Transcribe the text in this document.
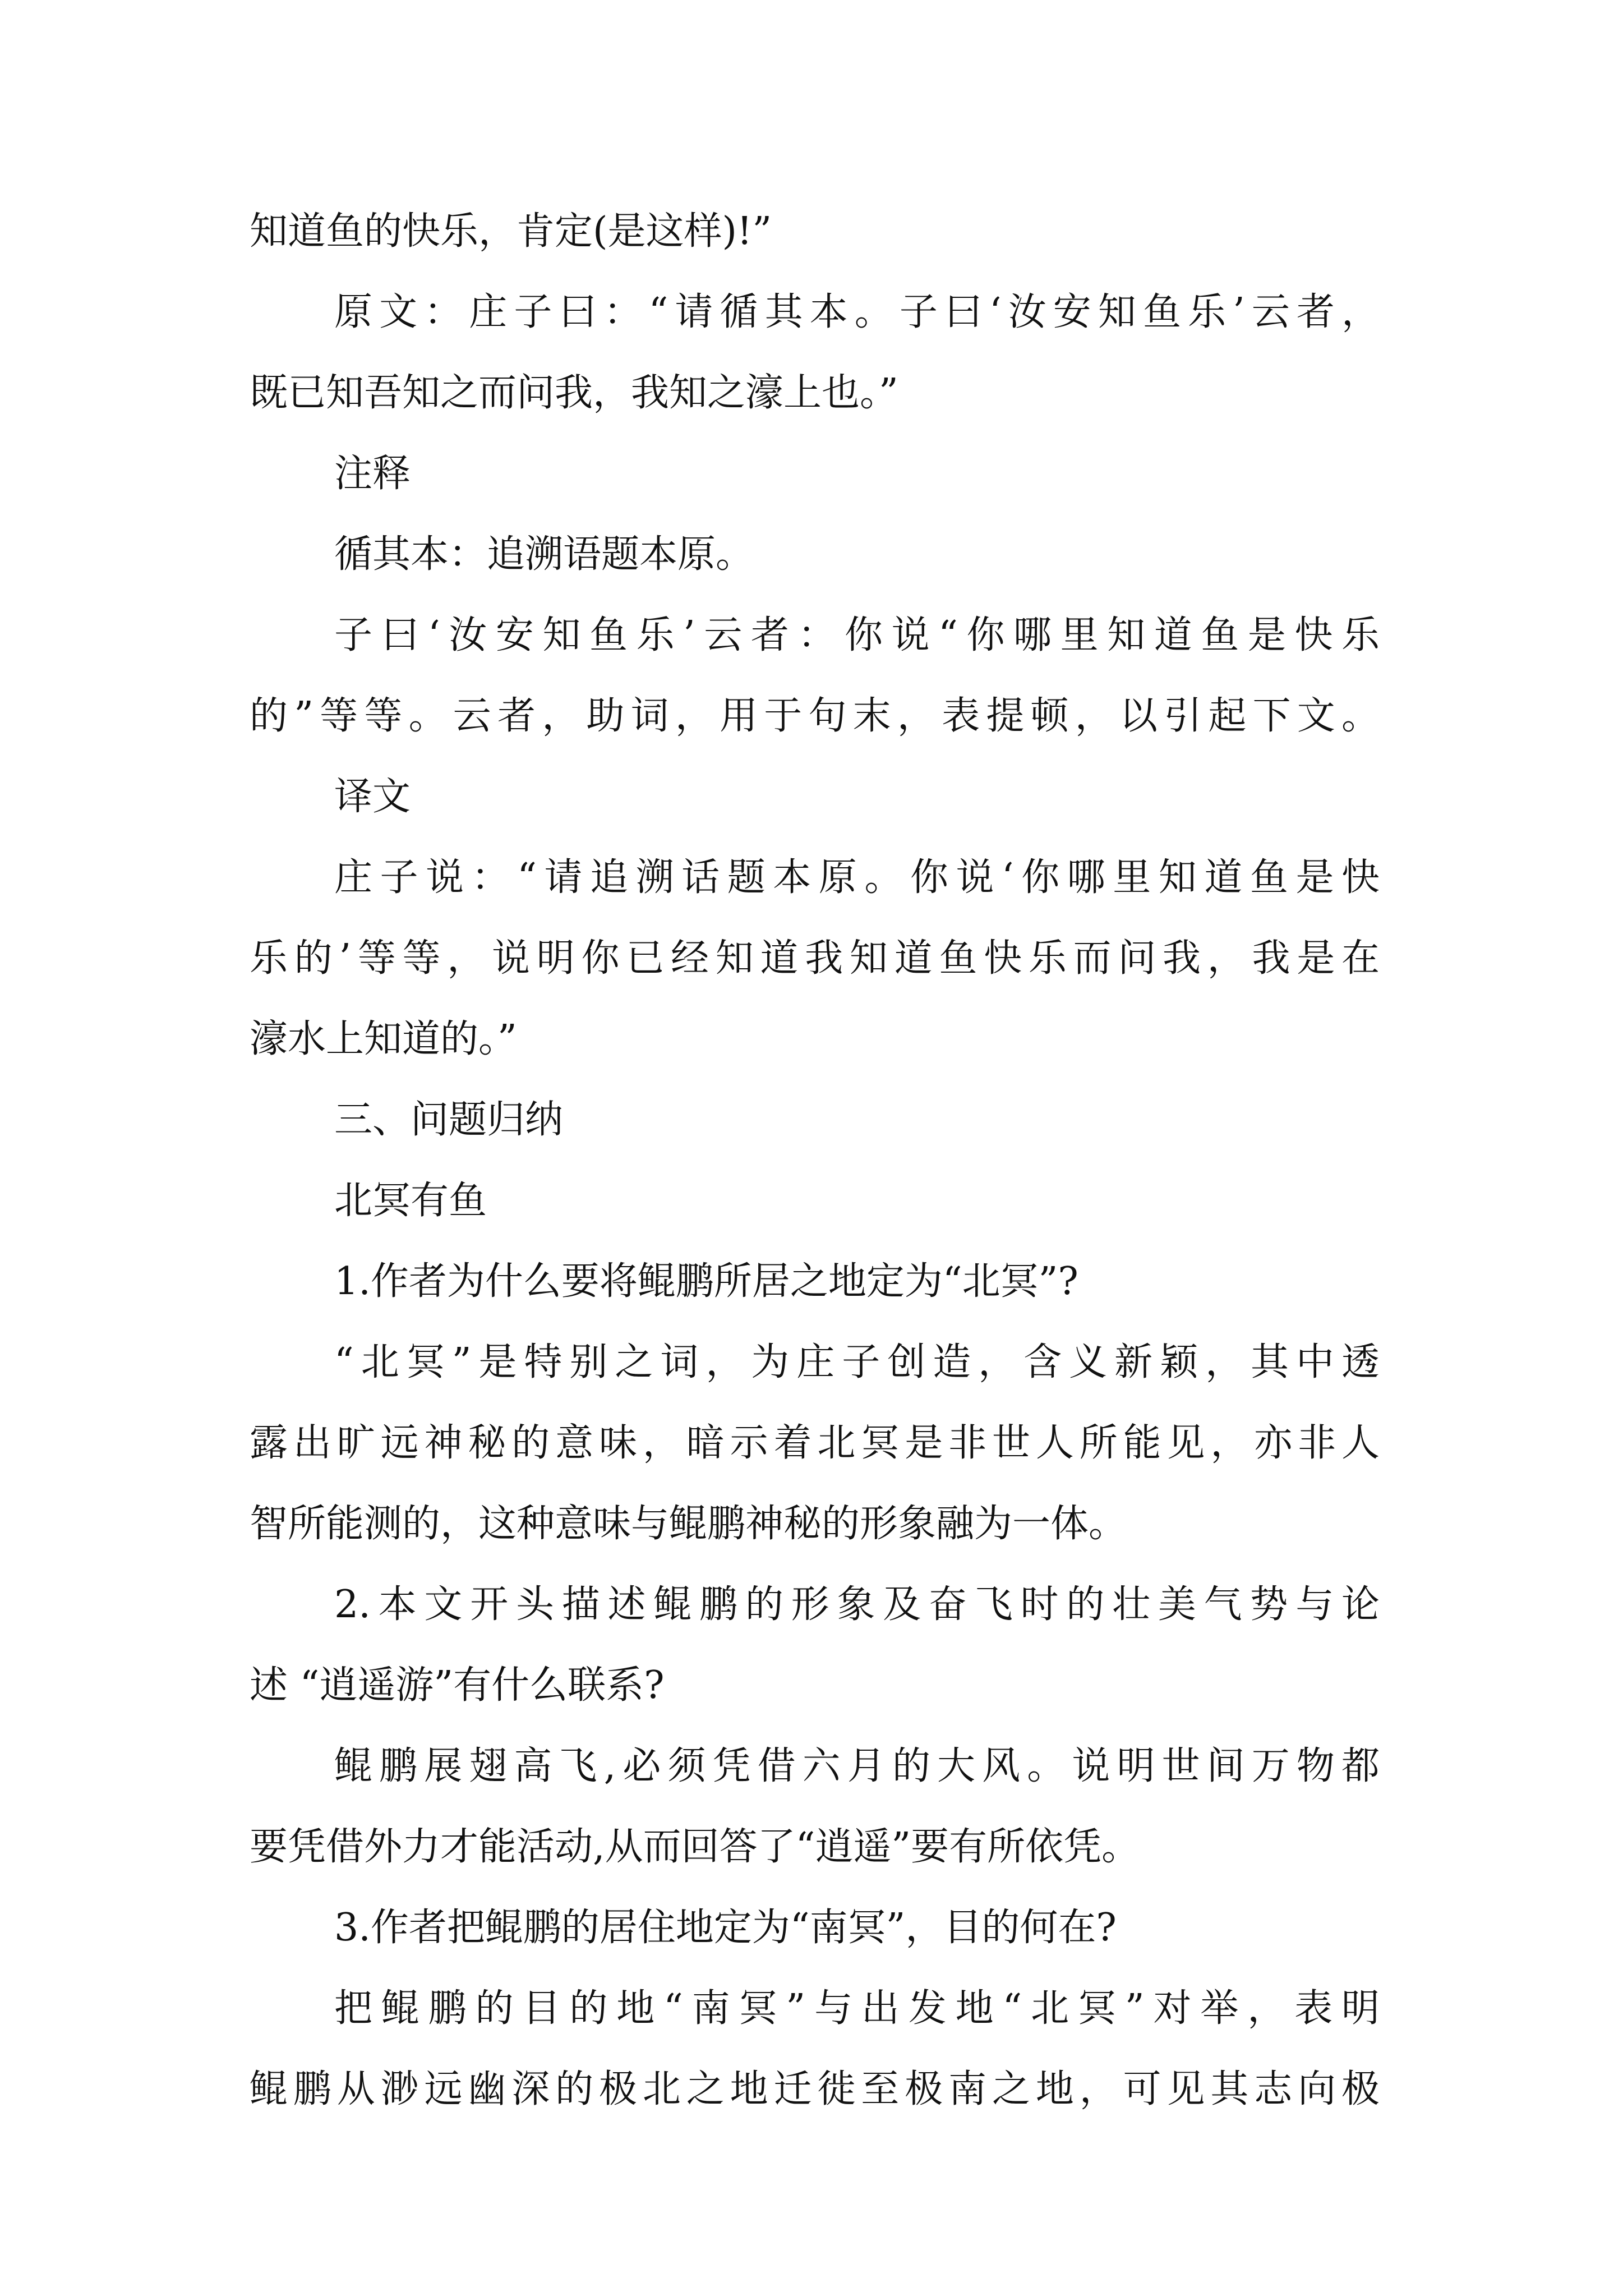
知道鱼的快乐，肯定(是这样)!”
原文：庄子曰：“请循其本。子曰‘汝安知鱼乐’云者，
既已知吾知之而问我，我知之濠上也。”
注释
循其本：追溯语题本原。
子曰‘汝安知鱼乐’云者：你说“你哪里知道鱼是快乐
的”等等。云者，助词，用于句末，表提顿，以引起下文。
译文
庄子说：“请追溯话题本原。你说‘你哪里知道鱼是快
乐的’等等，说明你已经知道我知道鱼快乐而问我，我是在
濠水上知道的。”
三、问题归纳
北冥有鱼
1.作者为什么要将鲲鹏所居之地定为“北冥”?
“北冥”是特别之词，为庄子创造，含义新颖，其中透
露出旷远神秘的意味，暗示着北冥是非世人所能见，亦非人
智所能测的，这种意味与鲲鹏神秘的形象融为一体。
2.本文开头描述鲲鹏的形象及奋飞时的壮美气势与论
述 “逍遥游”有什么联系?
鲲鹏展翅高飞,必须凭借六月的大风。说明世间万物都
要凭借外力才能活动,从而回答了“逍遥”要有所依凭。
3.作者把鲲鹏的居住地定为“南冥”，目的何在?
把鲲鹏的目的地“南冥”与出发地“北冥”对举，表明
鲲鹏从渺远幽深的极北之地迁徙至极南之地，可见其志向极
